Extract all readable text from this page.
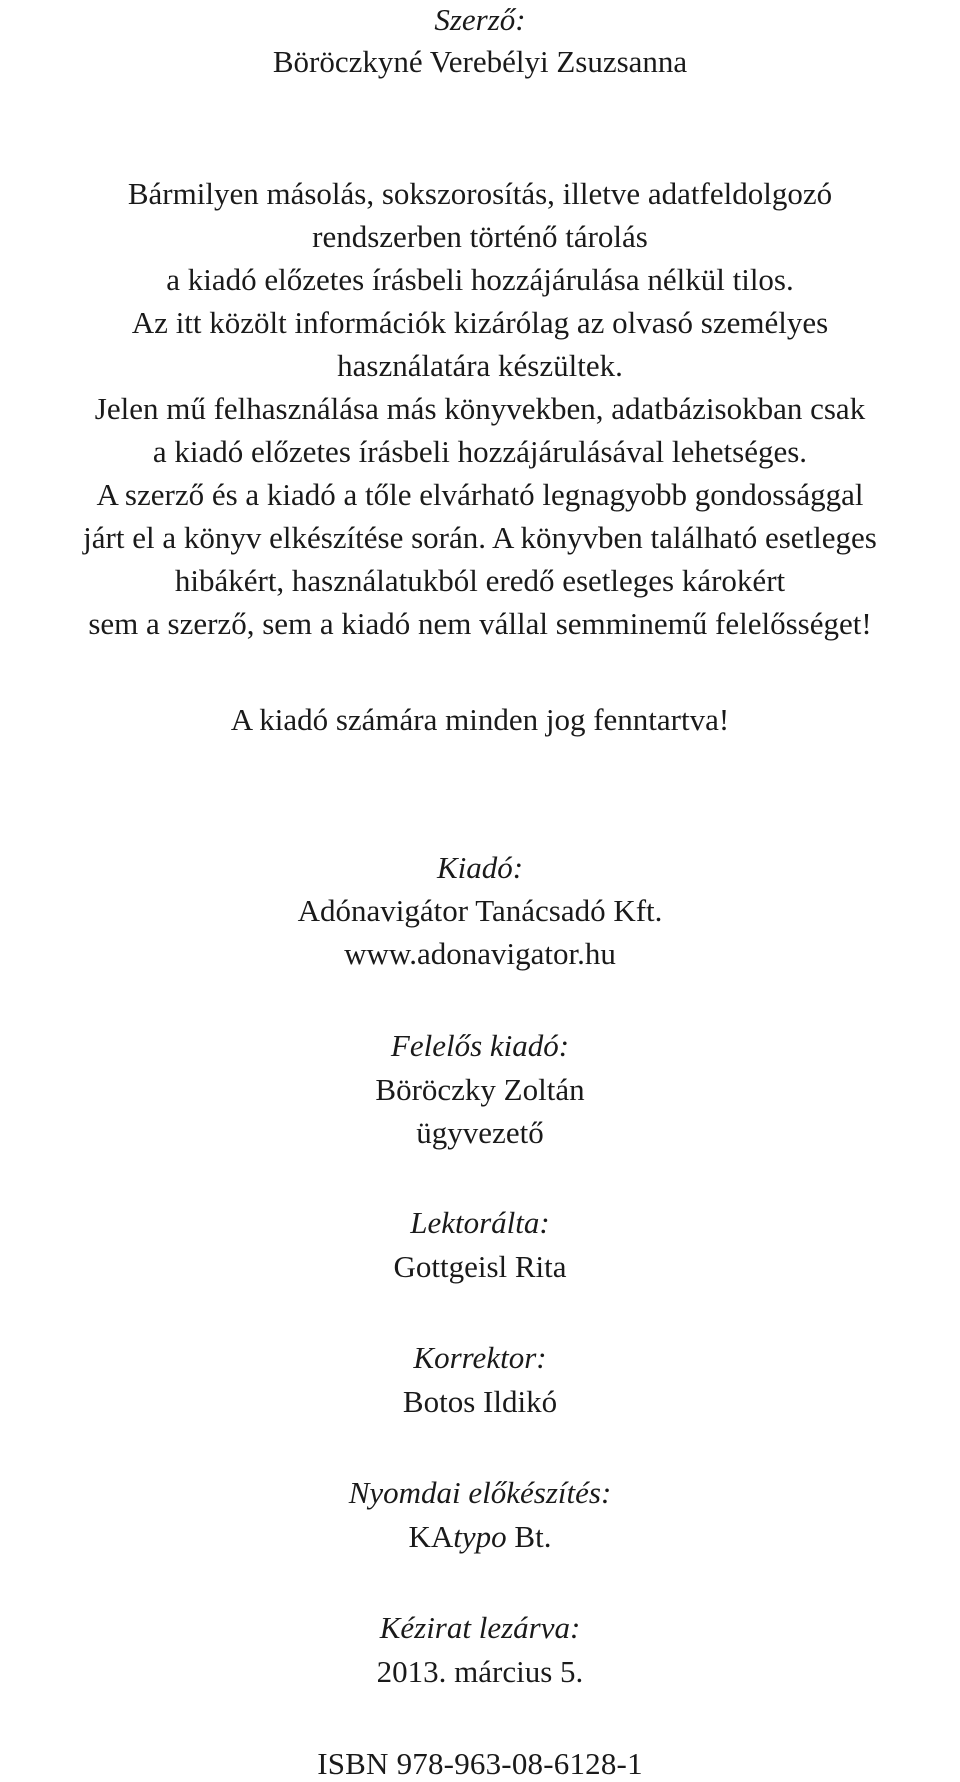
Szerző:

Böröczkyné Verebélyi Zsuzsanna

Bármilyen másolás, sokszorosítás, illetve adatfeldolgozó

rendszerben történő tárolás

a kiadó előzetes írásbeli hozzájárulása nélkül tilos.

Az itt közölt információk kizárólag az olvasó személyes

használatára készültek.

Jelen mű felhasználása más könyvekben, adatbázisokban csak

a kiadó előzetes írásbeli hozzájárulásával lehetséges.

A szerző és a kiadó a tőle elvárható legnagyobb gondossággal

járt el a könyv elkészítése során. A könyvben található esetleges

hibákért, használatukból eredő esetleges károkért

sem a szerző, sem a kiadó nem vállal semminemű felelősséget!

A kiadó számára minden jog fenntartva!

Kiadó:

Adónavigátor Tanácsadó Kft.

www.adonavigator.hu

Felelős kiadó:

Böröczky Zoltán

ügyvezető

Lektorálta:

Gottgeisl Rita

Korrektor:

Botos Ildikó

Nyomdai előkészítés:

KAtypo Bt.

Kézirat lezárva:

2013. március 5.

ISBN 978-963-08-6128-1
